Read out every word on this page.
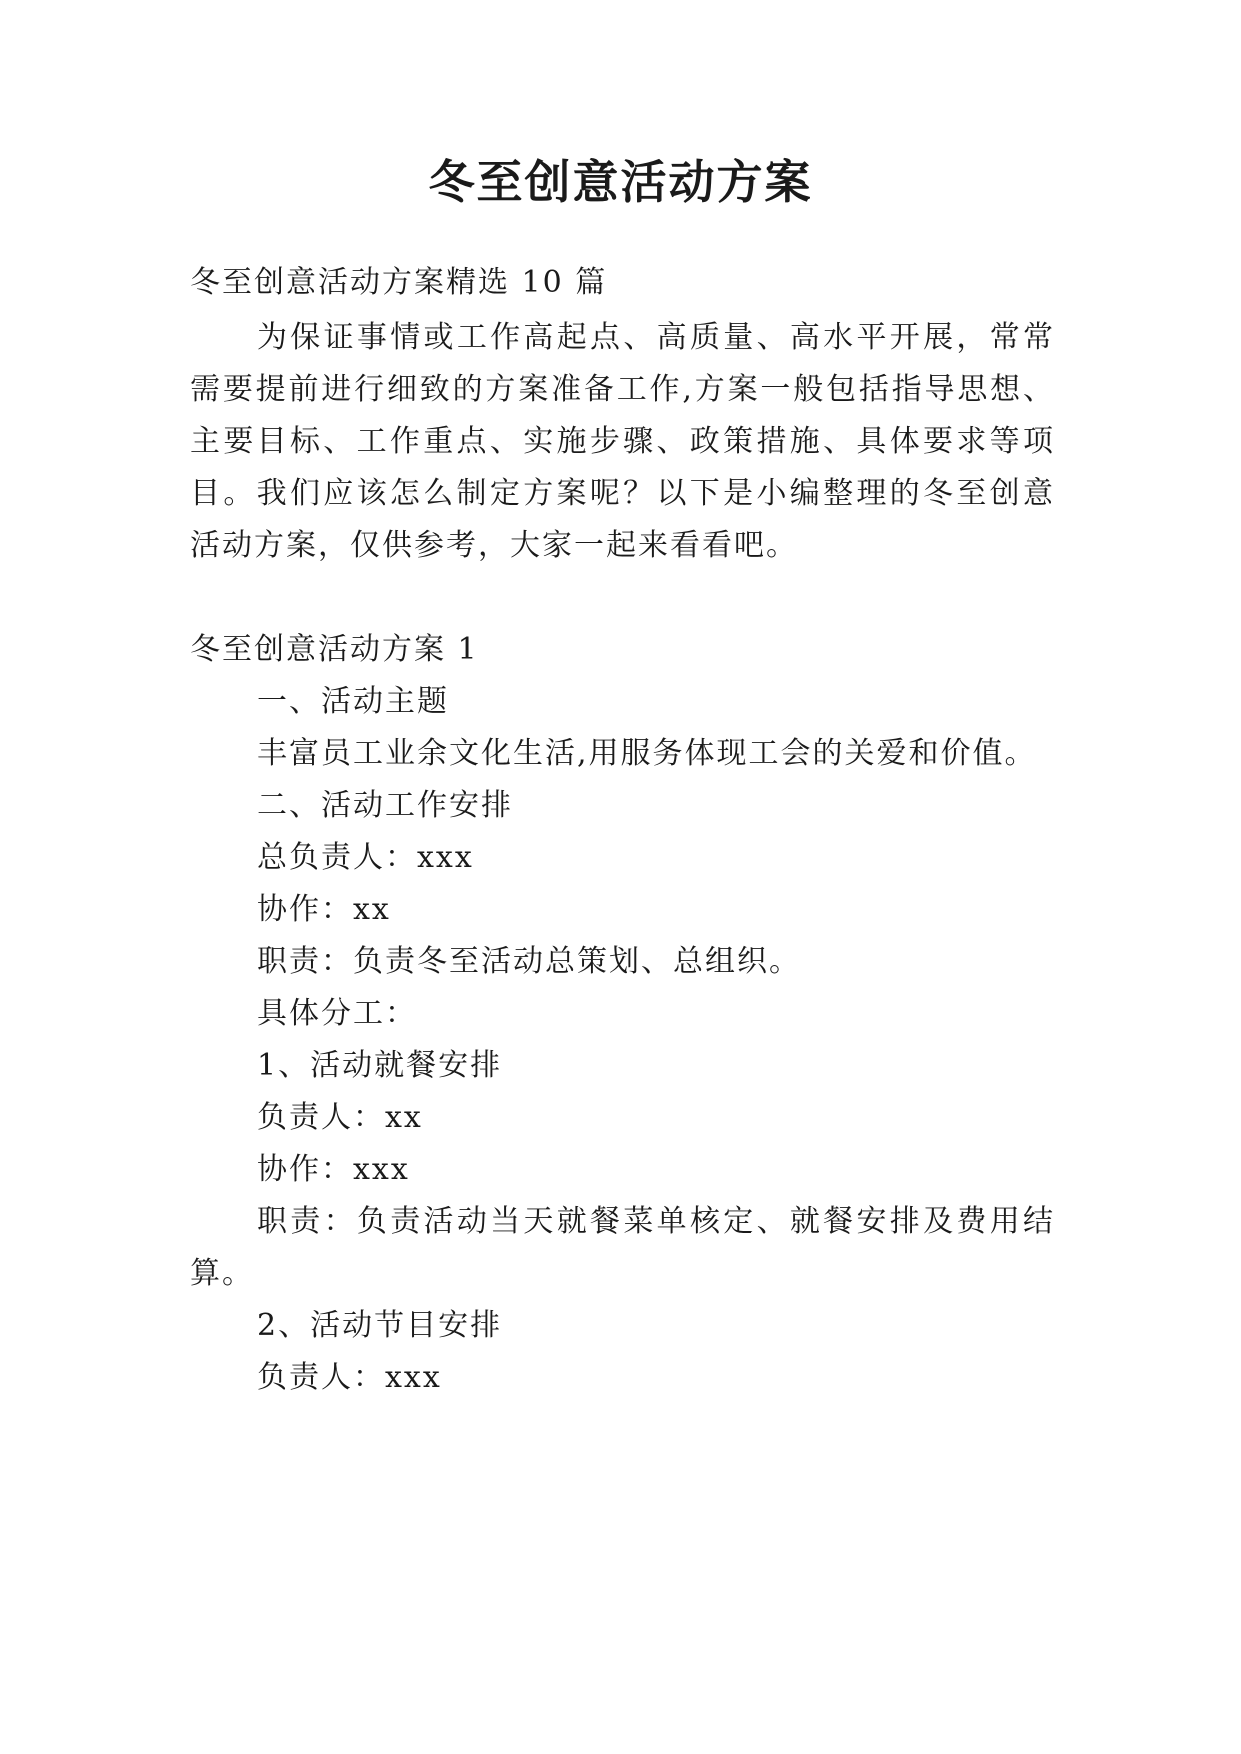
冬至创意活动方案
冬至创意活动方案精选 10 篇
为保证事情或工作高起点、高质量、高水平开展，常常
需要提前进行细致的方案准备工作,方案一般包括指导思想、
主要目标、工作重点、实施步骤、政策措施、具体要求等项
目。我们应该怎么制定方案呢？以下是小编整理的冬至创意
活动方案，仅供参考，大家一起来看看吧。
冬至创意活动方案 1
一、活动主题
丰富员工业余文化生活,用服务体现工会的关爱和价值。
二、活动工作安排
总负责人：xxx
协作：xx
职责：负责冬至活动总策划、总组织。
具体分工：
1、活动就餐安排
负责人：xx
协作：xxx
职责：负责活动当天就餐菜单核定、就餐安排及费用结
算。
2、活动节目安排
负责人：xxx
